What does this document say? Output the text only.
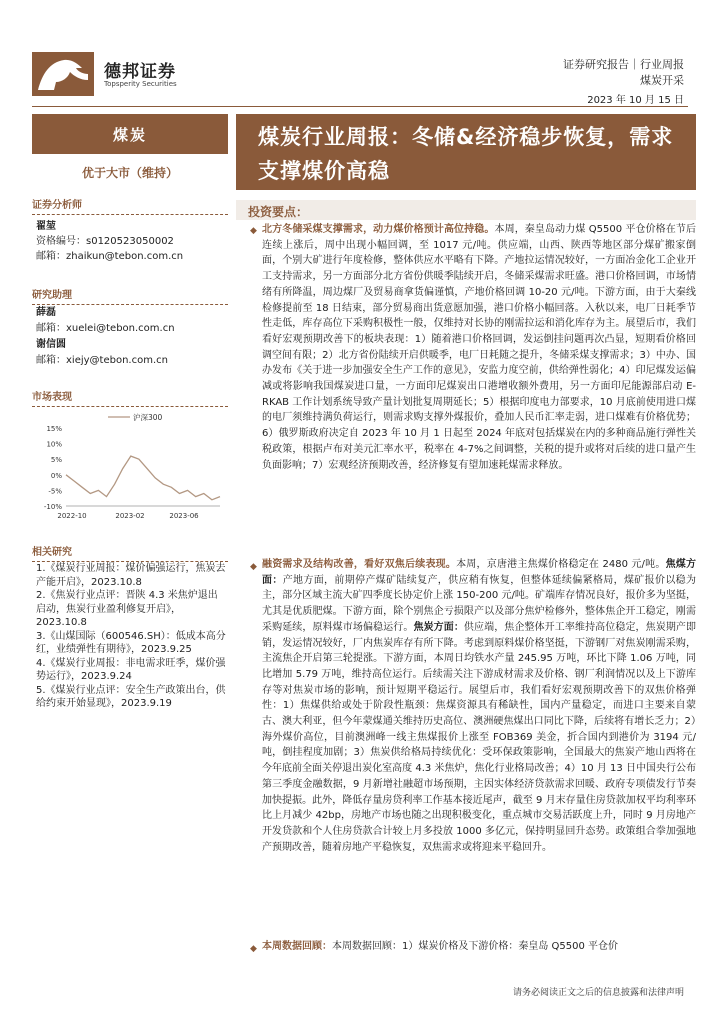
德邦证券
Topsperity Securities
证券研究报告｜行业周报
煤炭开采
2023 年 10 月 15 日
煤炭
优于大市（维持）
证券分析师
翟堃
资格编号：s0120523050002
邮箱：zhaikun@tebon.com.cn
研究助理
薛磊
邮箱：xuelei@tebon.com.cn
谢信圆
邮箱：xiejy@tebon.com.cn
市场表现
15%
10%
5%
0%
-5%
-10%
2022-10	2023-02	2023-06
沪深300
相关研究
1.《煤炭行业周报：煤价偏强运行，焦炭去产能开启》，2023.10.8
2.《焦炭行业点评：晋陕 4.3 米焦炉退出启动，焦炭行业盈利修复开启》，2023.10.8
3.《山煤国际（600546.SH）：低成本高分红，业绩弹性有期待》，2023.9.25
4.《煤炭行业周报：非电需求旺季，煤价强势运行》，2023.9.24
5.《煤炭行业点评：安全生产政策出台，供给约束开始显现》，2023.9.19
煤炭行业周报：冬储&经济稳步恢复，需求支撑煤价高稳
投资要点：
◆ 北方冬储采煤支撑需求，动力煤价格预计高位持稳。本周，秦皇岛动力煤 Q5500 平仓价格在节后连续上涨后，周中出现小幅回调，至 1017 元/吨。供应端，山西、陕西等地区部分煤矿搬家倒面，个别大矿进行年度检修，整体供应水平略有下降。产地拉运情况较好，一方面冶金化工企业开工支持需求，另一方面部分北方省份供暖季陆续开启，冬储采煤需求旺盛。港口价格回调，市场情绪有所降温，周边煤厂及贸易商拿货偏谨慎，产地价格回调 10-20 元/吨。下游方面，由于大秦线检修提前至 18 日结束，部分贸易商出货意愿加强，港口价格小幅回落。入秋以来，电厂日耗季节性走低，库存高位下采购积极性一般，仅维持对长协的刚需拉运和消化库存为主。展望后市，我们看好宏观预期改善下的板块表现：1）随着港口价格回调，发运倒挂问题再次凸显，短期看价格回调空间有限；2）北方省份陆续开启供暖季，电厂日耗随之提升，冬储采煤支撑需求；3）中办、国办发布《关于进一步加强安全生产工作的意见》，安监力度空前，供给弹性弱化；4）印尼煤发运偏减或将影响我国煤炭进口量，一方面印尼煤炭出口港增收额外费用，另一方面印尼能源部启动 E-RKAB 工作计划系统导致产量计划批复周期延长；5）根据印度电力部要求，10 月底前使用进口煤的电厂须维持满负荷运行，则需求购支撑外煤报价，叠加人民币汇率走弱，进口煤难有价格优势；6）俄罗斯政府决定自 2023 年 10 月 1 日起至 2024 年底对包括煤炭在内的多种商品施行弹性关税政策，根据卢布对美元汇率水平，税率在 4-7%之间调整，关税的提升或将对后续的进口量产生负面影响；7）宏观经济预期改善，经济修复有望加速耗煤需求释放。
◆ 融资需求及结构改善，看好双焦后续表现。本周，京唐港主焦煤价格稳定在 2480 元/吨。焦煤方面：产地方面，前期停产煤矿陆续复产，供应稍有恢复，但整体延续偏紧格局，煤矿报价以稳为主，部分区域主流大矿四季度长协定价上涨 150-200 元/吨。矿端库存情况良好，报价多为坚挺，尤其是优质肥煤。下游方面，除个别焦企亏损限产以及部分焦炉检修外，整体焦企开工稳定，刚需采购延续，原料煤市场偏稳运行。焦炭方面：供应端，焦企整体开工率维持高位稳定，焦炭期产即销，发运情况较好，厂内焦炭库存有所下降。考虑到原料煤价格坚挺，下游钢厂对焦炭刚需采购，主流焦企开启第三轮提涨。下游方面，本周日均铁水产量 245.95 万吨，环比下降 1.06 万吨，同比增加 5.79 万吨，维持高位运行。后续需关注下游成材需求及价格、钢厂利润情况以及上下游库存等对焦炭市场的影响，预计短期平稳运行。展望后市，我们看好宏观预期改善下的双焦价格弹性：1）焦煤供给或处于阶段性瓶颈：焦煤资源具有稀缺性，国内产量稳定，而进口主要来自蒙古、澳大利亚，但今年蒙煤通关维持历史高位、澳洲硬焦煤出口同比下降，后续将有增长乏力；2）海外煤价高位，目前澳洲峰一线主焦煤报价上涨至 FOB369 美金，折合国内到港价为 3194 元/吨，倒挂程度加剧；3）焦炭供给格局持续优化：受环保政策影响，全国最大的焦炭产地山西将在今年底前全面关停退出炭化室高度 4.3 米焦炉，焦化行业格局改善；4）10 月 13 日中国央行公布第三季度金融数据，9 月新增社融超市场预期，主因实体经济贷款需求回暖、政府专项债发行节奏加快提振。此外，降低存量房贷利率工作基本接近尾声，截至 9 月末存量住房贷款加权平均利率环比上月减少 42bp，房地产市场也随之出现积极变化，重点城市交易活跃度上升，同时 9 月房地产开发贷款和个人住房贷款合计较上月多投放 1000 多亿元，保持明显回升态势。政策组合拳加强地产预期改善，随着房地产平稳恢复，双焦需求或将迎来平稳回升。
◆ 本周数据回顾：本周数据回顾：1）煤炭价格及下游价格：秦皇岛 Q5500 平仓价
请务必阅读正文之后的信息披露和法律声明
